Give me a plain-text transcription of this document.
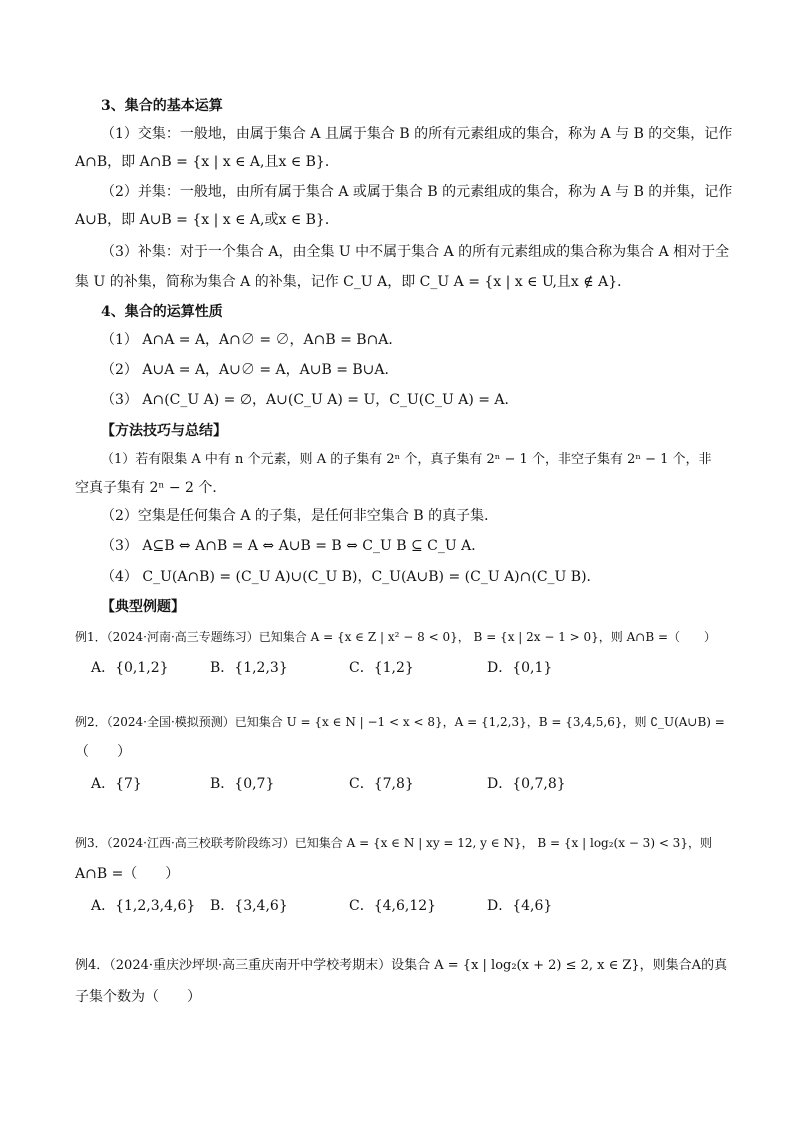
3、集合的基本运算
（1）交集：一般地，由属于集合 A 且属于集合 B 的所有元素组成的集合，称为 A 与 B 的交集，记作
A∩B，即 A∩B = {x | x ∈ A,且x ∈ B}．
（2）并集：一般地，由所有属于集合 A 或属于集合 B 的元素组成的集合，称为 A 与 B 的并集，记作
A∪B，即 A∪B = {x | x ∈ A,或x ∈ B}．
（3）补集：对于一个集合 A，由全集 U 中不属于集合 A 的所有元素组成的集合称为集合 A 相对于全
集 U 的补集，简称为集合 A 的补集，记作 C_U A，即 C_U A = {x | x ∈ U,且x ∉ A}．
4、集合的运算性质
（1） A∩A = A，A∩∅ = ∅，A∩B = B∩A．
（2） A∪A = A，A∪∅ = A，A∪B = B∪A．
（3） A∩(C_U A) = ∅，A∪(C_U A) = U，C_U(C_U A) = A．
【方法技巧与总结】
（1）若有限集 A 中有 n 个元素，则 A 的子集有 2ⁿ 个，真子集有 2ⁿ − 1 个，非空子集有 2ⁿ − 1 个，非
空真子集有 2ⁿ − 2 个．
（2）空集是任何集合 A 的子集，是任何非空集合 B 的真子集．
（3） A⊆B ⇔ A∩B = A ⇔ A∪B = B ⇔ C_U B ⊆ C_U A．
（4） C_U(A∩B) = (C_U A)∪(C_U B)，C_U(A∪B) = (C_U A)∩(C_U B)．
【典型例题】
例1．（2024·河南·高三专题练习）已知集合 A = {x ∈ Z | x² − 8 < 0}， B = {x | 2x − 1 > 0}，则 A∩B =（　　）
A．{0,1,2}	B．{1,2,3}	C．{1,2}	D．{0,1}
例2．（2024·全国·模拟预测）已知集合 U = {x ∈ N | −1 < x < 8}，A = {1,2,3}，B = {3,4,5,6}，则 ∁_U(A∪B) =
（　　）
A．{7}	B．{0,7}	C．{7,8}	D．{0,7,8}
例3．（2024·江西·高三校联考阶段练习）已知集合 A = {x ∈ N | xy = 12, y ∈ N}， B = {x | log₂(x − 3) < 3}，则
A∩B =（　　）
A．{1,2,3,4,6} B．{3,4,6}	C．{4,6,12}	D．{4,6}
例4．（2024·重庆沙坪坝·高三重庆南开中学校考期末）设集合 A = {x | log₂(x + 2) ≤ 2, x ∈ Z}，则集合A的真
子集个数为（　　）
